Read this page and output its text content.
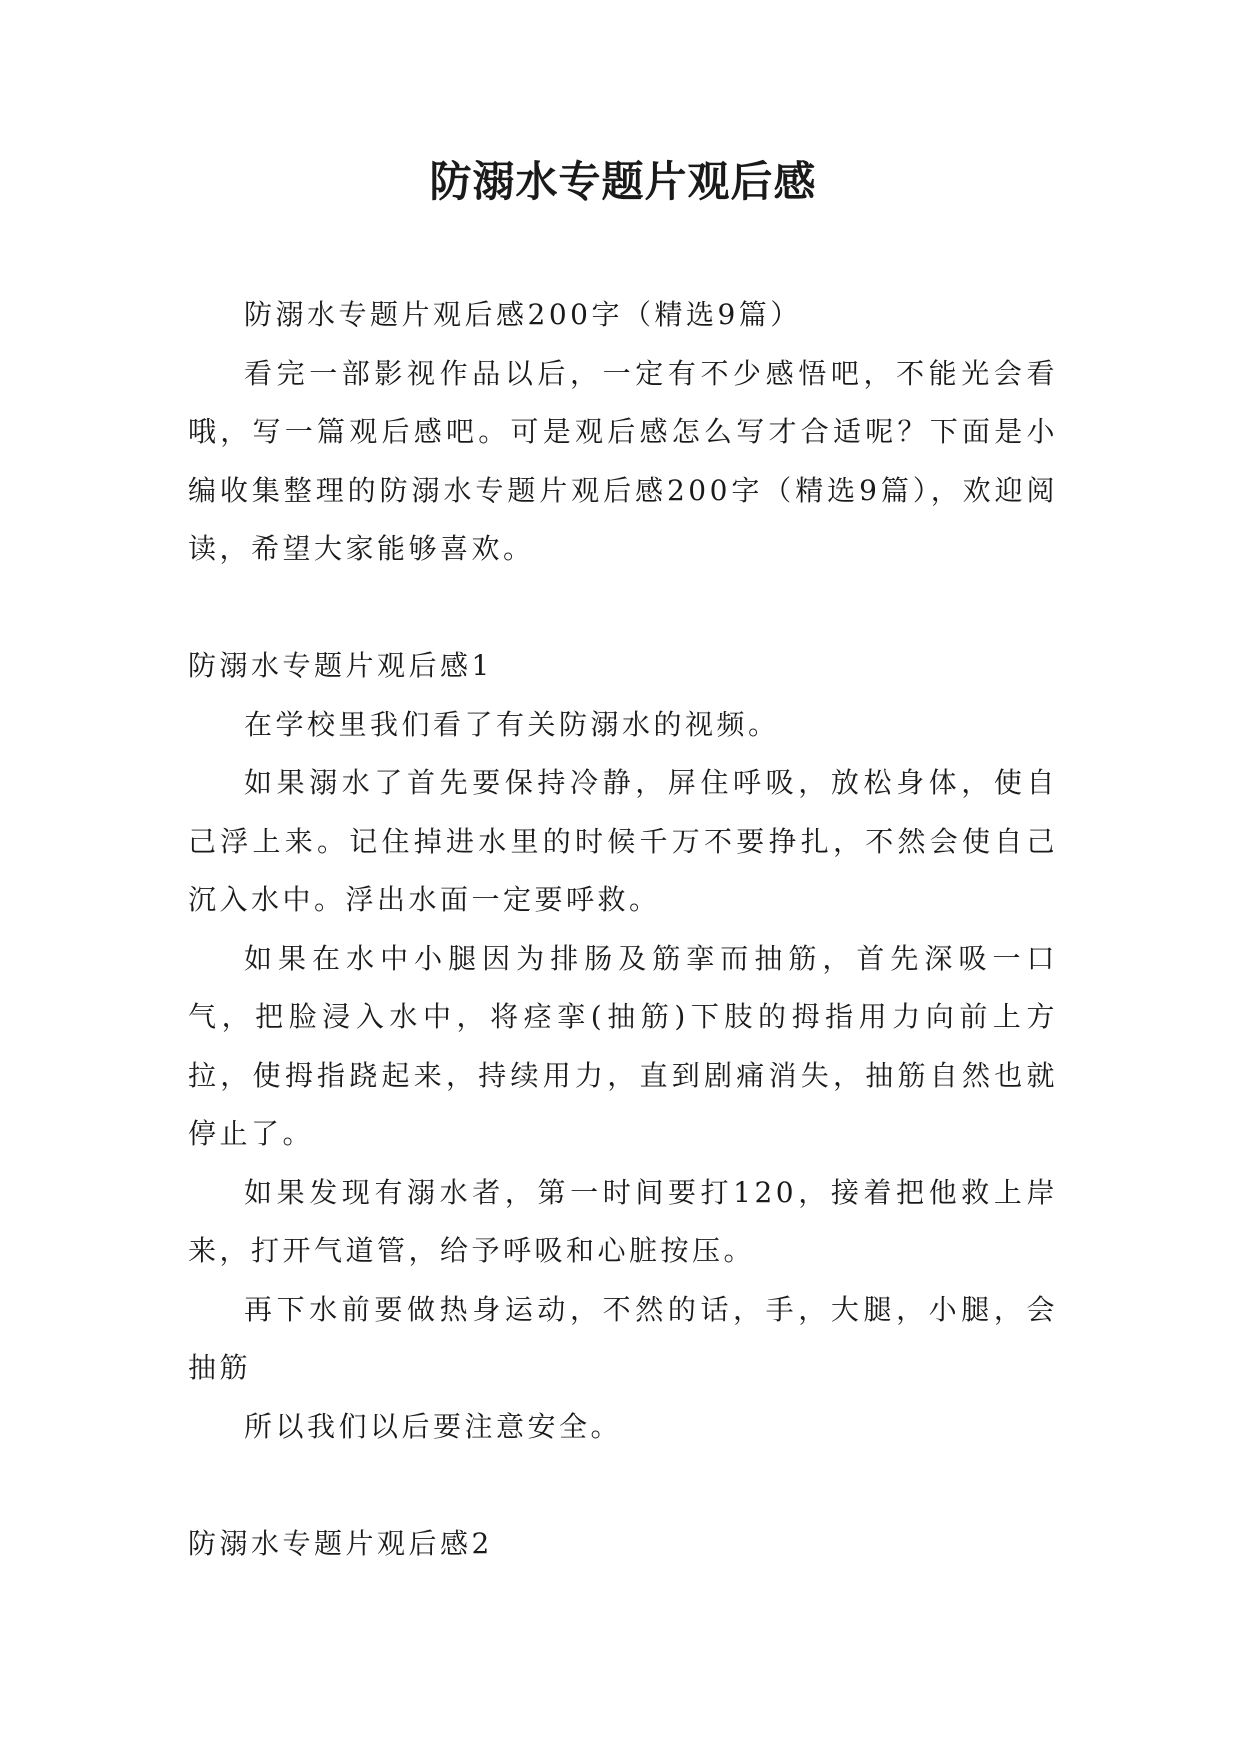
防溺水专题片观后感

防溺水专题片观后感200字（精选9篇）

看完一部影视作品以后，一定有不少感悟吧，不能光会看哦，写一篇观后感吧。可是观后感怎么写才合适呢？下面是小编收集整理的防溺水专题片观后感200字（精选9篇），欢迎阅读，希望大家能够喜欢。

防溺水专题片观后感1

在学校里我们看了有关防溺水的视频。

如果溺水了首先要保持冷静，屏住呼吸，放松身体，使自己浮上来。记住掉进水里的时候千万不要挣扎，不然会使自己沉入水中。浮出水面一定要呼救。

如果在水中小腿因为排肠及筋挛而抽筋，首先深吸一口气，把脸浸入水中，将痉挛(抽筋)下肢的拇指用力向前上方拉，使拇指跷起来，持续用力，直到剧痛消失，抽筋自然也就停止了。

如果发现有溺水者，第一时间要打120，接着把他救上岸来，打开气道管，给予呼吸和心脏按压。

再下水前要做热身运动，不然的话，手，大腿，小腿，会抽筋

所以我们以后要注意安全。

防溺水专题片观后感2
